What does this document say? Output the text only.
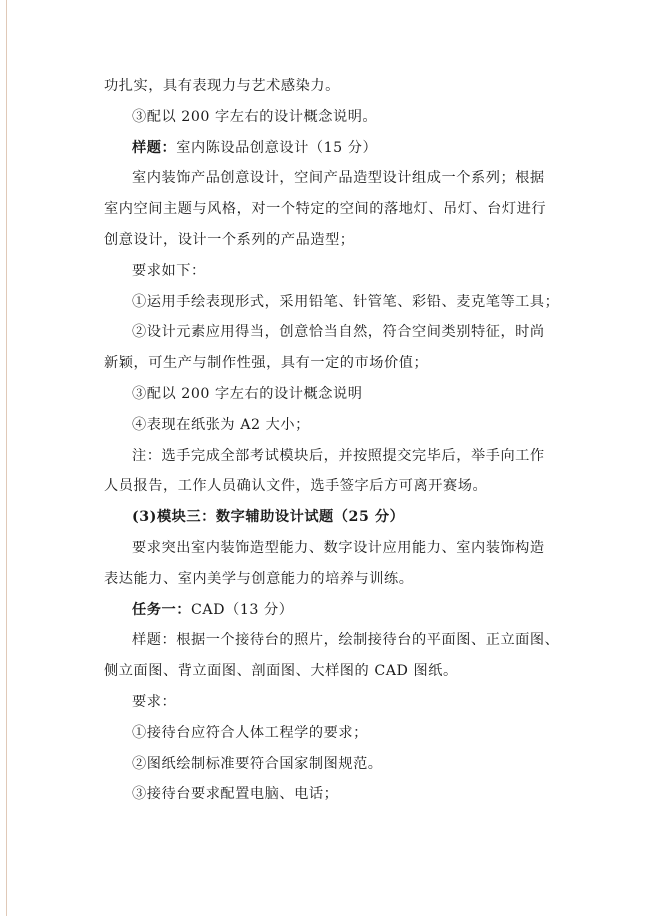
功扎实，具有表现力与艺术感染力。
③配以 200 字左右的设计概念说明。
样题：室内陈设品创意设计（15 分）
室内装饰产品创意设计，空间产品造型设计组成一个系列；根据
室内空间主题与风格，对一个特定的空间的落地灯、吊灯、台灯进行
创意设计，设计一个系列的产品造型；
要求如下：
①运用手绘表现形式，采用铅笔、针管笔、彩铅、麦克笔等工具；
②设计元素应用得当，创意恰当自然，符合空间类别特征，时尚
新颖，可生产与制作性强，具有一定的市场价值；
③配以 200 字左右的设计概念说明
④表现在纸张为 A2 大小；
注：选手完成全部考试模块后，并按照提交完毕后，举手向工作
人员报告，工作人员确认文件，选手签字后方可离开赛场。
(3)模块三：数字辅助设计试题（25 分）
要求突出室内装饰造型能力、数字设计应用能力、室内装饰构造
表达能力、室内美学与创意能力的培养与训练。
任务一：CAD（13 分）
样题：根据一个接待台的照片，绘制接待台的平面图、正立面图、
侧立面图、背立面图、剖面图、大样图的 CAD 图纸。
要求：
①接待台应符合人体工程学的要求；
②图纸绘制标准要符合国家制图规范。
③接待台要求配置电脑、电话；
